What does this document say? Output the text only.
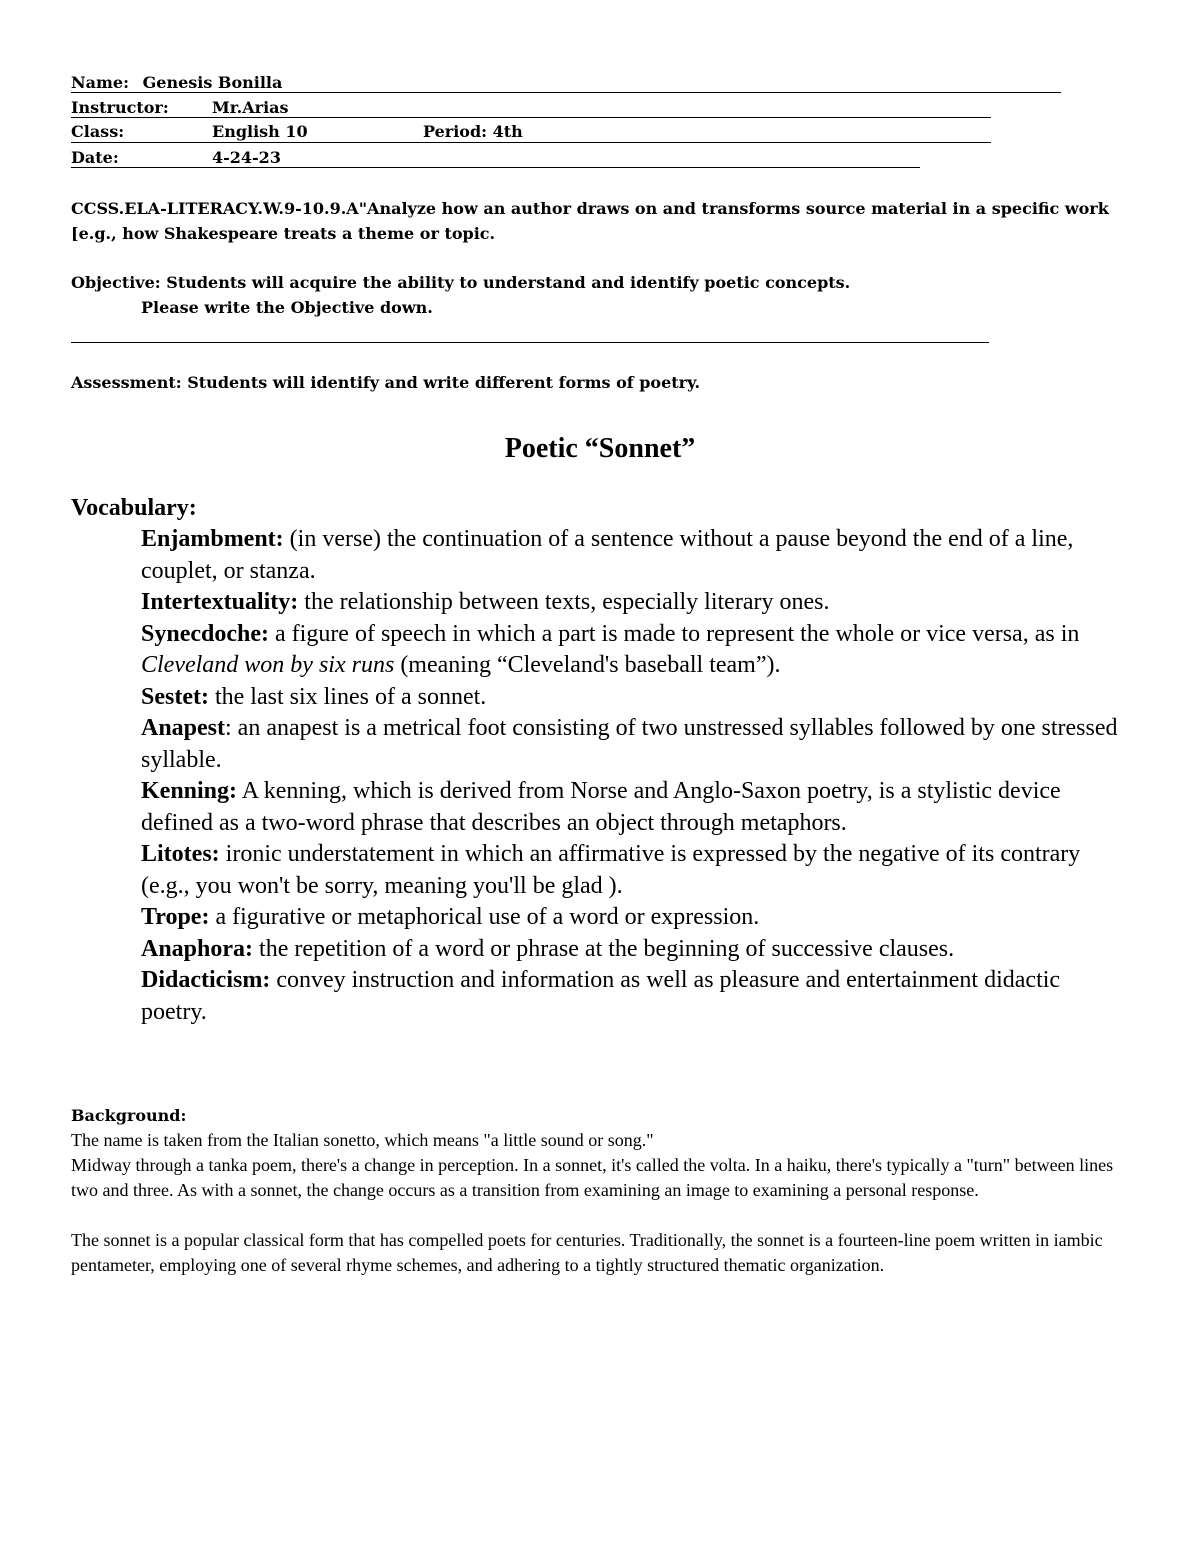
Name: Genesis Bonilla
Instructor:	Mr.Arias
Class:	English 10	Period: 4th
Date:	4-24-23
CCSS.ELA-LITERACY.W.9-10.9.A"Analyze how an author draws on and transforms source material in a specific work [e.g., how Shakespeare treats a theme or topic.
Objective: Students will acquire the ability to understand and identify poetic concepts.
Please write the Objective down.
Assessment: Students will identify and write different forms of poetry.
Poetic “Sonnet”
Vocabulary:

Enjambment: (in verse) the continuation of a sentence without a pause beyond the end of a line, couplet, or stanza.

Intertextuality: the relationship between texts, especially literary ones.

Synecdoche: a figure of speech in which a part is made to represent the whole or vice versa, as in Cleveland won by six runs (meaning “Cleveland's baseball team”).

Sestet: the last six lines of a sonnet.

Anapest: an anapest is a metrical foot consisting of two unstressed syllables followed by one stressed syllable.

Kenning: A kenning, which is derived from Norse and Anglo-Saxon poetry, is a stylistic device defined as a two-word phrase that describes an object through metaphors.

Litotes: ironic understatement in which an affirmative is expressed by the negative of its contrary (e.g., you won't be sorry, meaning you'll be glad ).

Trope: a figurative or metaphorical use of a word or expression.

Anaphora: the repetition of a word or phrase at the beginning of successive clauses.

Didacticism: convey instruction and information as well as pleasure and entertainment didactic poetry.

Background:
The name is taken from the Italian sonetto, which means "a little sound or song."
Midway through a tanka poem, there's a change in perception. In a sonnet, it's called the volta. In a haiku, there's typically a "turn" between lines two and three. As with a sonnet, the change occurs as a transition from examining an image to examining a personal response.
The sonnet is a popular classical form that has compelled poets for centuries. Traditionally, the sonnet is a fourteen-line poem written in iambic pentameter, employing one of several rhyme schemes, and adhering to a tightly structured thematic organization.
